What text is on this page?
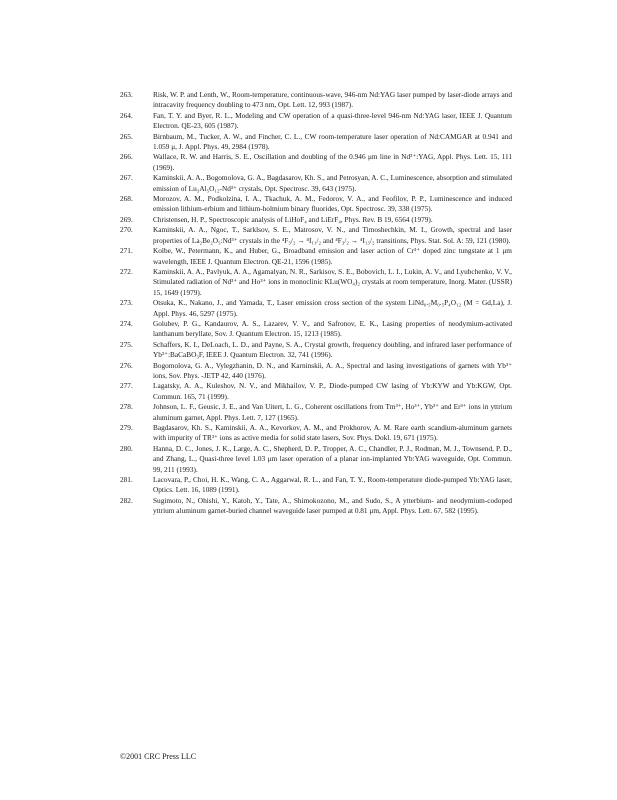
263.	Risk, W. P. and Lenth, W., Room-temperature, continuous-wave, 946-nm Nd:YAG laser pumped by laser-diode arrays and intracavity frequency doubling to 473 nm, Opt. Lett. 12, 993 (1987).
264.	Fan, T. Y. and Byer, R. L., Modeling and CW operation of a quasi-three-level 946-nm Nd:YAG laser, IEEE J. Quantum Electron. QE-23, 605 (1987).
265.	Birnbaum, M., Tucker, A. W., and Fincher, C. L., CW room-temperature laser operation of Nd:CAMGAR at 0.941 and 1.059 μ, J. Appl. Phys. 49, 2984 (1978).
266.	Wallace, R. W. and Harris, S. E., Oscillation and doubling of the 0.946 μm line in Nd³⁺:YAG, Appl. Phys. Lett. 15, 111 (1969).
267.	Kaminskii, A. A., Bogomolova, G. A., Bagdasarov, Kh. S., and Petrosyan, A. C., Luminescence, absorption and stimulated emission of Lu₃Al₅O₁₂-Nd³⁺ crystals, Opt. Spectrosc. 39, 643 (1975).
268.	Morozov, A. M., Podkolzina, I. A., Tkachuk, A. M., Fedorov, V. A., and Feofilov, P. P., Luminescence and induced emission lithium-erbium and lithium-holmium binary fluorides, Opt. Spectrosc. 39, 338 (1975).
269.	Christensen, H. P., Spectroscopic analysis of LiHoF₄ and LiErF₄, Phys. Rev. B 19, 6564 (1979).
270.	Kaminskii, A. A., Ngoc, T., Sarklsov, S. E., Matrosov, V. N., and Timoshechkin, M. I., Growth, spectral and laser properties of La₂Be₂O₅:Nd³⁺ crystals in the ⁴F₃/₂ → ⁴I₁₁/₂ and ⁴F₃/₂ → ⁴I₁₃/₂ transitions, Phys. Stat. Sol. A: 59, 121 (1980).
271.	Kolbe, W., Petermann, K., and Huber, G., Broadband emission and laser action of Cr³⁺ doped zinc tungstate at 1 μm wavelength, IEEE J. Quantum Electron. QE-21, 1596 (1985).
272.	Kaminskii, A. A., Pavlyuk, A. A., Agamalyan, N. R., Sarkisov, S. E., Bobovich, L. I., Lukin, A. V., and Lyubchenko, V. V., Stimulated radiation of Nd³⁺ and Ho³⁺ ions in monoclinic KLu(WO₄)₂ crystals at room temperature, Inorg. Mater. (USSR) 15, 1649 (1979).
273.	Otsuka, K., Nakano, J., and Yamada, T., Laser emission cross section of the system LiNd₀.₅M₀.₅P₄O₁₂ (M = Gd,La), J. Appl. Phys. 46, 5297 (1975).
274.	Golubev, P. G., Kandaurov, A. S., Lazarev, V. V., and Safronov, E. K., Lasing properties of neodymium-activated lanthanum beryllate, Sov. J. Quantum Electron. 15, 1213 (1985).
275.	Schaffers, K. I., DeLoach, L. D., and Payne, S. A., Crystal growth, frequency doubling, and infrared laser performance of Yb³⁺:BaCaBO₃F, IEEE J. Quantum Electron. 32, 741 (1996).
276.	Bogomolova, G. A., Vylegzhanin, D. N., and Karninskii, A. A., Spectral and lasing investigations of garnets with Yb³⁺ ions, Sov. Phys. -JETP 42, 440 (1976).
277.	Lagatsky, A. A., Kuleshov, N. V., and Mikhailov, V. P., Diode-pumped CW lasing of Yb:KYW and Yb:KGW, Opt. Commun. 165, 71 (1999).
278.	Johnson, L. F., Geusic, J. E., and Van Uitert, L. G., Coherent oscillations from Tm³⁺, Ho³⁺, Yb³⁺ and Er³⁺ ions in yttrium aluminum garnet, Appl. Phys. Lett. 7, 127 (1965).
279.	Bagdasarov, Kh. S., Kaminskii, A. A., Kevorkov, A. M., and Prokhorov, A. M. Rare earth scandium-aluminum garnets with impurity of TR³⁺ ions as active media for solid state lasers, Sov. Phys. Dokl. 19, 671 (1975).
280.	Hanna, D. C., Jones, J. K., Large, A. C., Shepherd, D. P., Tropper, A. C., Chandler, P. J., Rodman, M. J., Townsend, P. D., and Zhang, L., Quasi-three level 1.03 μm laser operation of a planar ion-implanted Yb:YAG waveguide, Opt. Commun. 99, 211 (1993).
281.	Lacovara, P., Choi, H. K., Wang, C. A., Aggarwal, R. L., and Fan, T. Y., Room-temperature diode-pumped Yb:YAG laser, Optics. Lett. 16, 1089 (1991).
282.	Sugimoto, N., Ohishi, Y., Katoh, Y., Tate, A., Shimokozono, M., and Sudo, S., A ytterbium- and neodymium-codoped yttrium aluminum garnet-buried channel waveguide laser pumped at 0.81 μm, Appl. Phys. Lett. 67, 582 (1995).
©2001 CRC Press LLC
